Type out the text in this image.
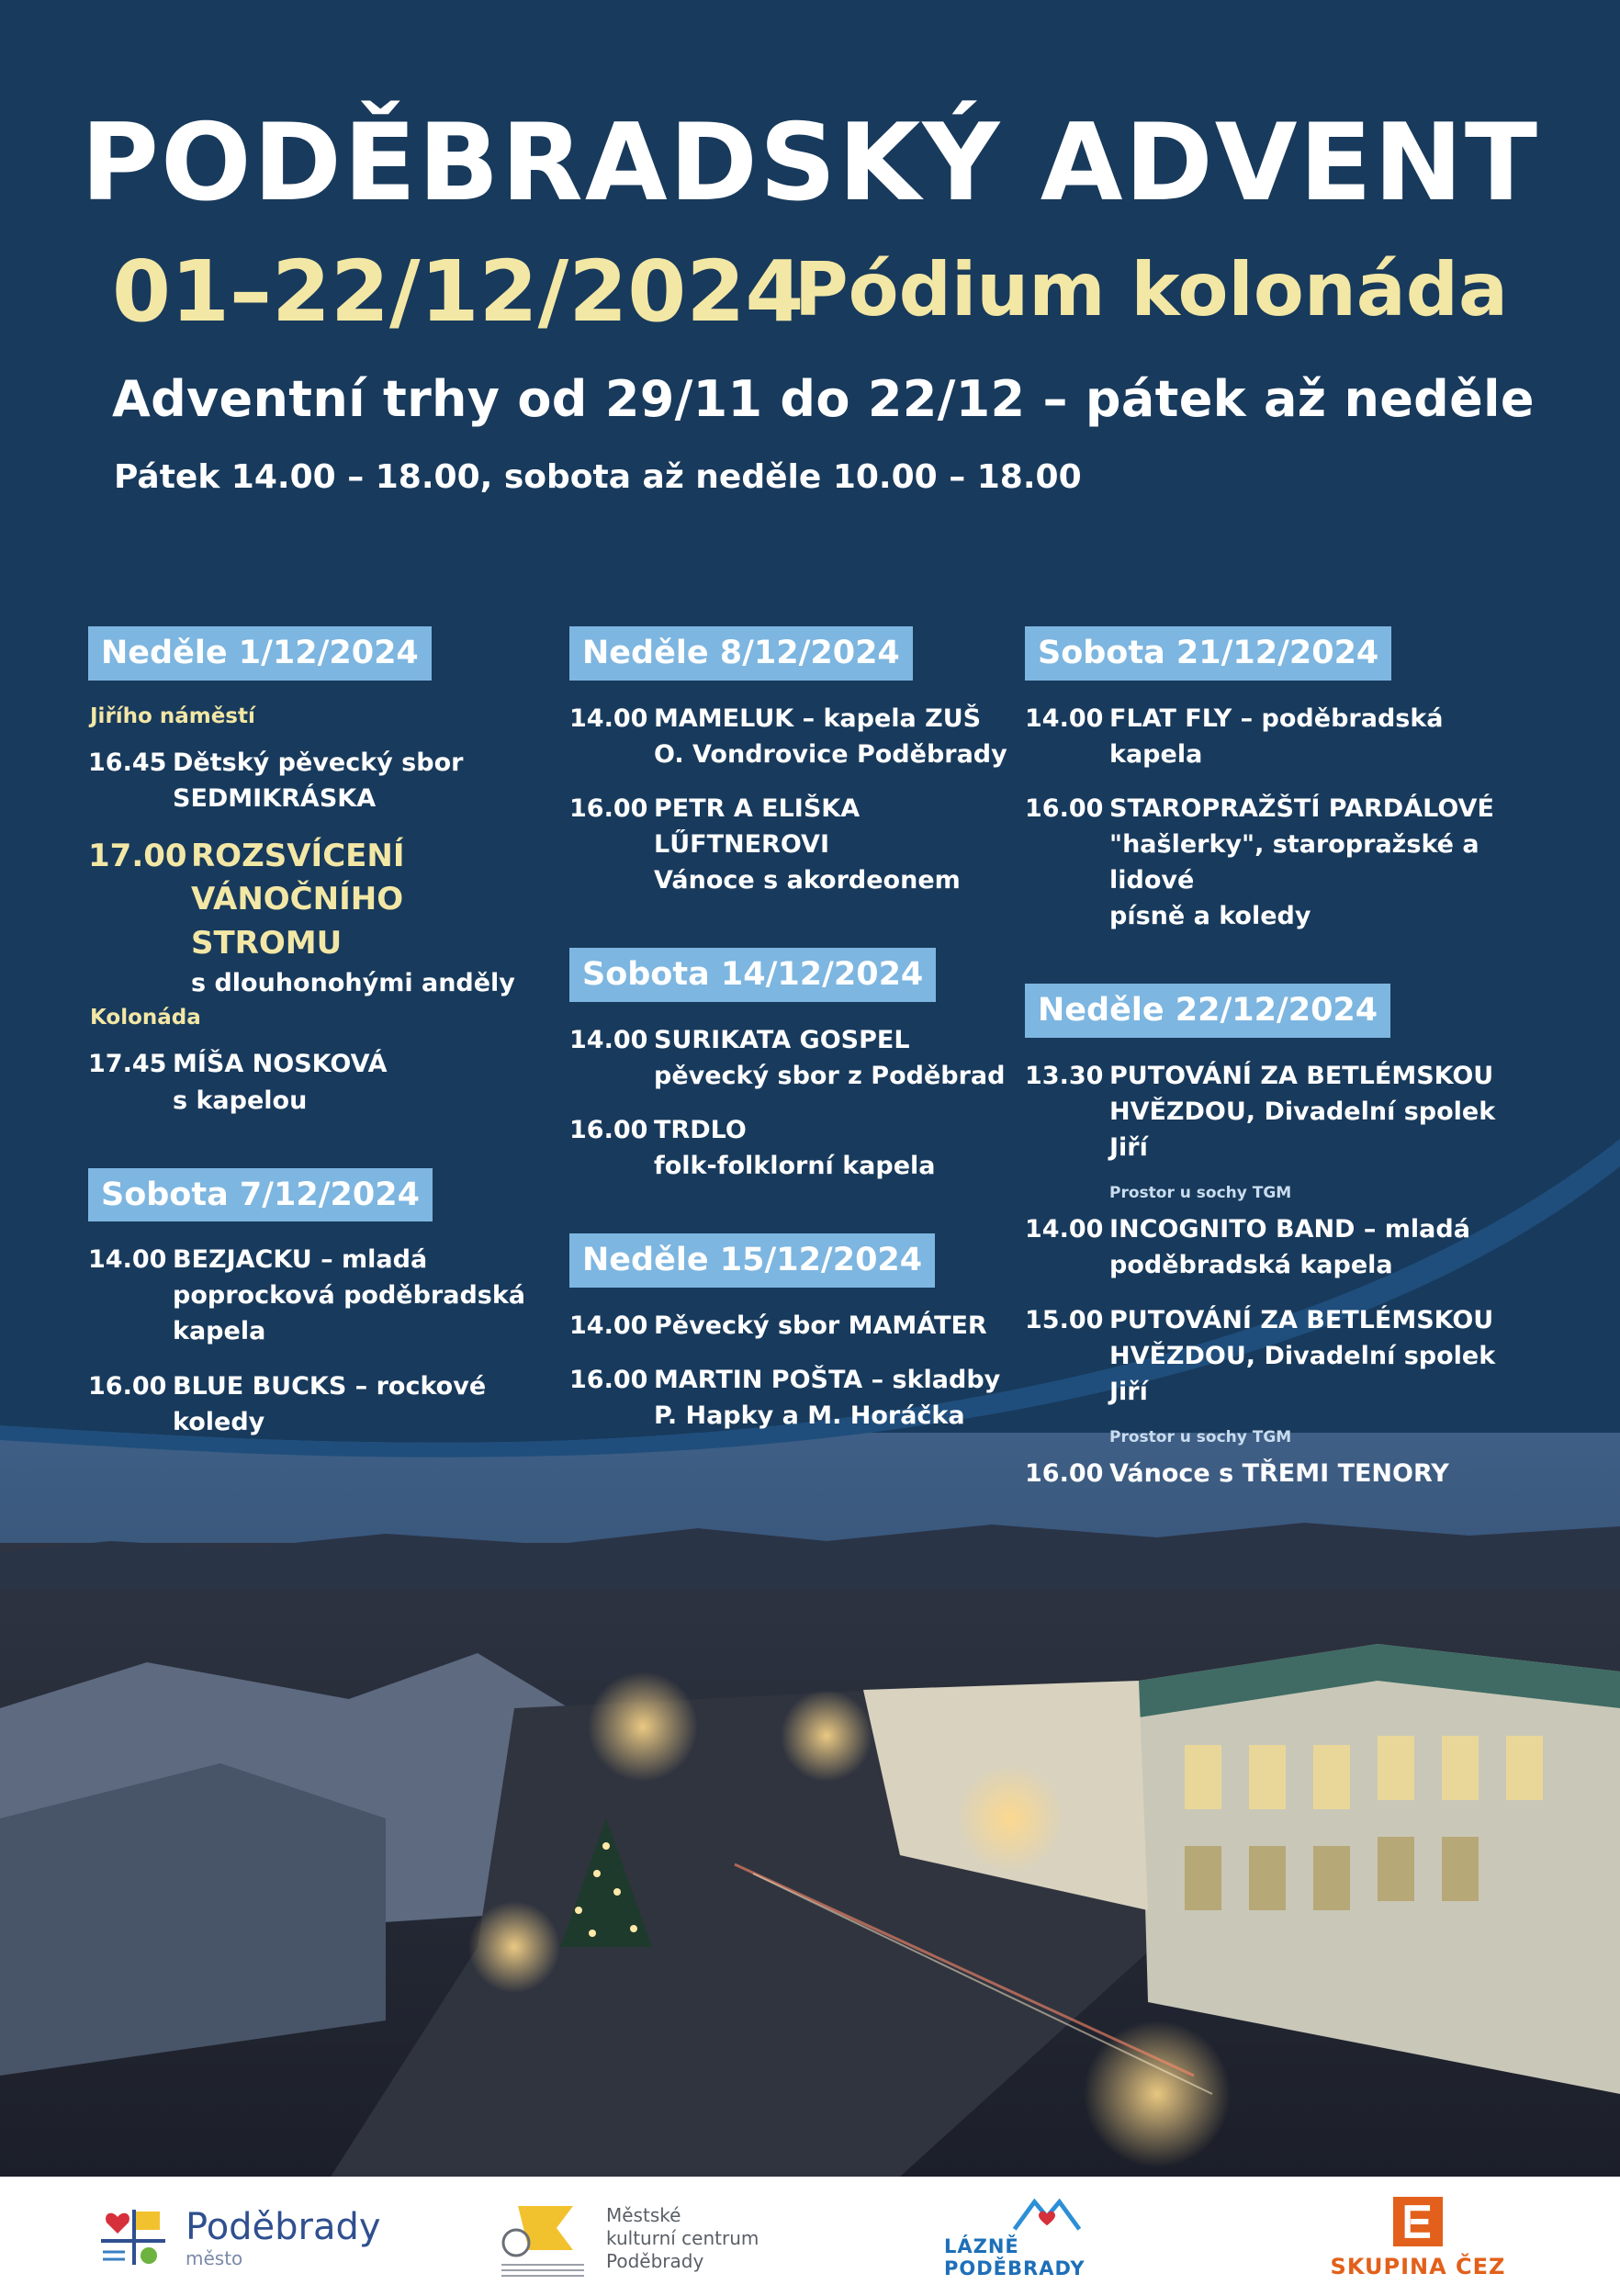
PODĚBRADSKÝ ADVENT
01–22/12/2024
Pódium kolonáda
Adventní trhy od 29/11 do 22/12 – pátek až neděle
Pátek 14.00 – 18.00, sobota až neděle 10.00 – 18.00
Neděle 1/12/2024
Jiřího náměstí
16.45 Dětský pěvecký sbor
SEDMIKRÁSKA
17.00 ROZSVÍCENÍ
VÁNOČNÍHO STROMU
s dlouhonohými anděly
Kolonáda
17.45 MÍŠA NOSKOVÁ
s kapelou
Sobota 7/12/2024
14.00 BEZJACKU – mladá
poprocková poděbradská
kapela
16.00 BLUE BUCKS – rockové koledy
Neděle 8/12/2024
14.00 MAMELUK – kapela ZUŠ
O. Vondrovice Poděbrady
16.00 PETR A ELIŠKA LŰFTNEROVI
Vánoce s akordeonem
Sobota 14/12/2024
14.00 SURIKATA GOSPEL
pěvecký sbor z Poděbrad
16.00 TRDLO
folk-folklorní kapela
Neděle 15/12/2024
14.00 Pěvecký sbor MAMÁTER
16.00 MARTIN POŠTA – skladby
P. Hapky a M. Horáčka
Sobota 21/12/2024
14.00 FLAT FLY – poděbradská
kapela
16.00 STAROPRAŽŠTÍ PARDÁLOVÉ
"hašlerky", staropražské a lidové
písně a koledy
Neděle 22/12/2024
13.30 PUTOVÁNÍ ZA BETLÉMSKOU
HVĚZDOU, Divadelní spolek Jiří
Prostor u sochy TGM
14.00 INCOGNITO BAND – mladá
poděbradská kapela
15.00 PUTOVÁNÍ ZA BETLÉMSKOU
HVĚZDOU, Divadelní spolek Jiří
Prostor u sochy TGM
16.00 Vánoce s TŘEMI TENORY
Poděbrady
město
Městské
kulturní centrum
Poděbrady
LÁZNĚ PODĚBRADY	SKUPINA ČEZ
